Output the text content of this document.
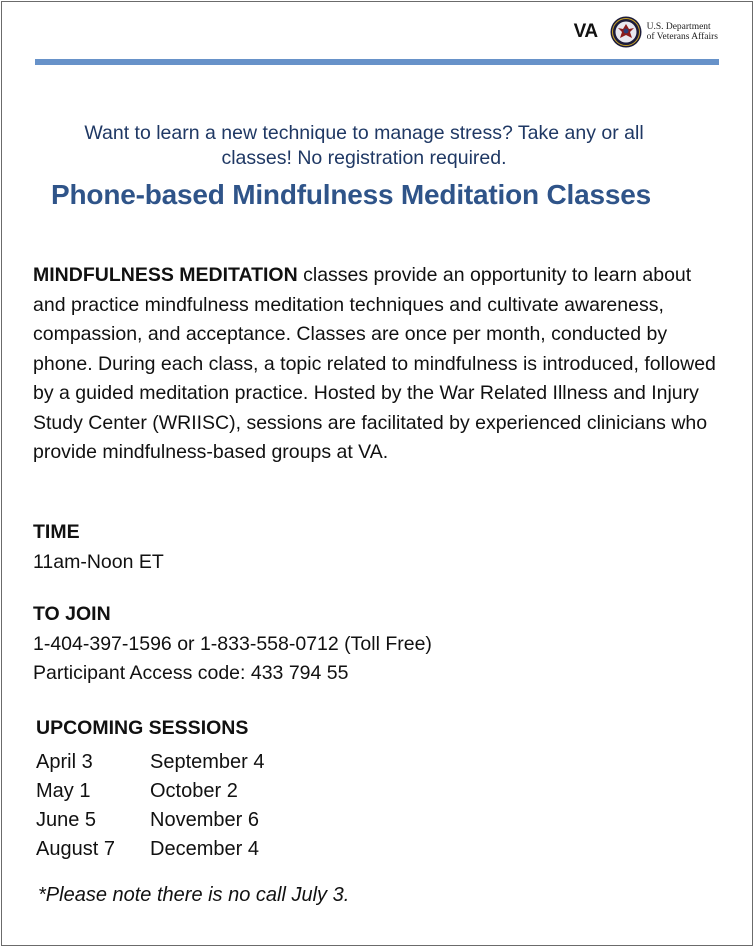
VA	U.S. Department
of Veterans Affairs
Want to learn a new technique to manage stress? Take any or all
classes! No registration required.
Phone-based Mindfulness Meditation Classes
MINDFULNESS MEDITATION classes provide an opportunity to learn about and practice mindfulness meditation techniques and cultivate awareness, compassion, and acceptance. Classes are once per month, conducted by phone. During each class, a topic related to mindfulness is introduced, followed by a guided meditation practice. Hosted by the War Related Illness and Injury Study Center (WRIISC), sessions are facilitated by experienced clinicians who provide mindfulness-based groups at VA.
TIME
11am-Noon ET
TO JOIN
1-404-397-1596 or 1-833-558-0712 (Toll Free)
Participant Access code: 433 794 55
UPCOMING SESSIONS
April 3	September 4
May 1	October 2
June 5	November 6
August 7	December 4
*Please note there is no call July 3.
